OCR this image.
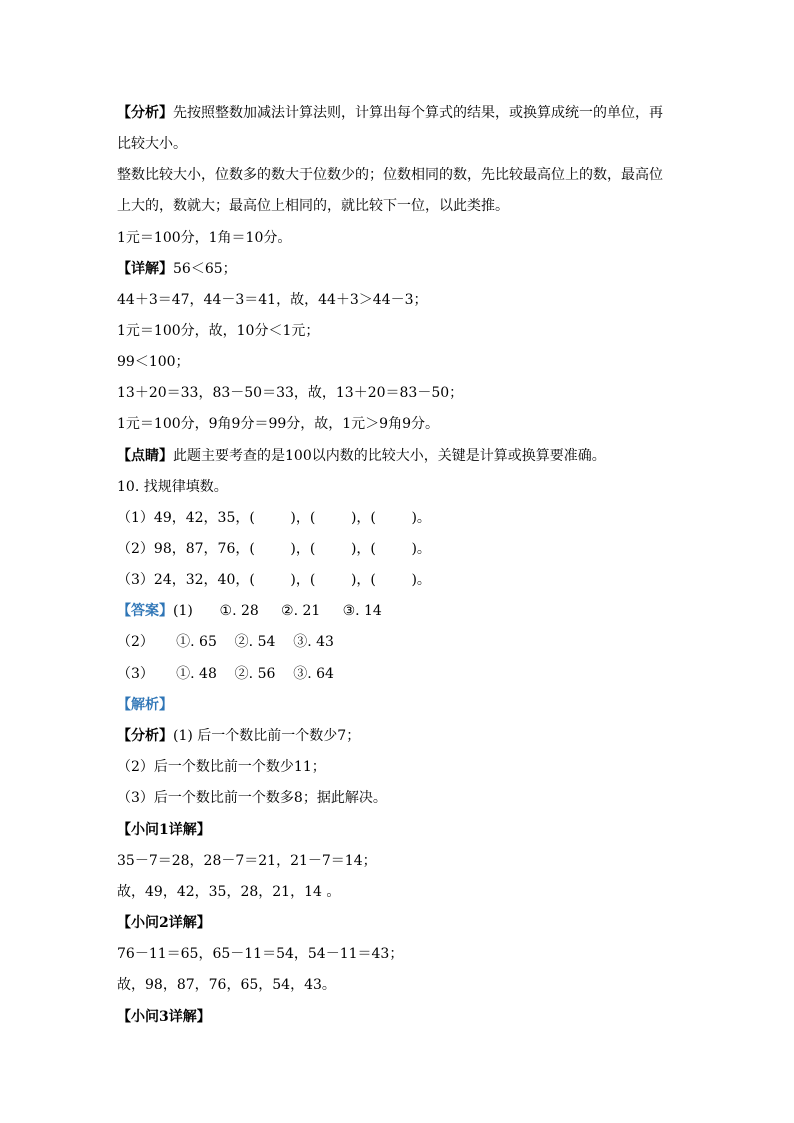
【分析】先按照整数加减法计算法则，计算出每个算式的结果，或换算成统一的单位，再
比较大小。
整数比较大小，位数多的数大于位数少的；位数相同的数，先比较最高位上的数，最高位
上大的，数就大；最高位上相同的，就比较下一位，以此类推。
1元＝100分，1角＝10分。
【详解】56＜65；
44＋3＝47，44－3＝41，故，44＋3＞44－3；
1元＝100分，故，10分＜1元；
99＜100；
13＋20＝33，83－50＝33，故，13＋20＝83－50；
1元＝100分，9角9分＝99分，故，1元＞9角9分。
【点睛】此题主要考查的是100以内数的比较大小，关键是计算或换算要准确。
10. 找规律填数。
（1）49，42，35，(        )，(        )，(        )。
（2）98，87，76，(        )，(        )，(        )。
（3）24，32，40，(        )，(        )，(        )。
【答案】(1)      ①. 28     ②. 21     ③. 14
（2）     ①. 65    ②. 54    ③. 43
（3）     ①. 48    ②. 56    ③. 64
【解析】
【分析】(1) 后一个数比前一个数少7；
（2）后一个数比前一个数少11；
（3）后一个数比前一个数多8；据此解决。
【小问1详解】
35－7＝28，28－7＝21，21－7＝14；
故，49，42，35，28，21，14 。
【小问2详解】
76－11＝65，65－11＝54，54－11＝43；
故，98，87，76，65，54，43。
【小问3详解】
